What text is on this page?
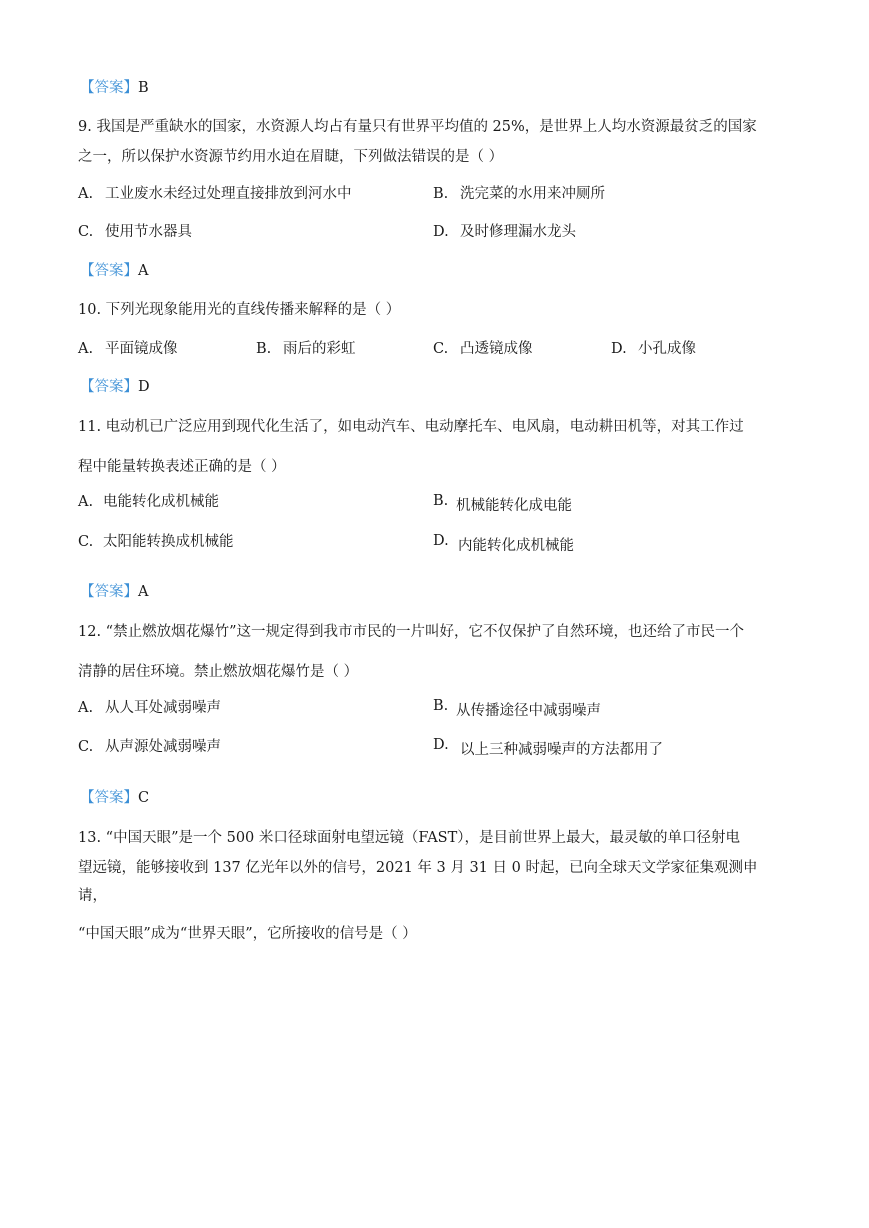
【答案】B
9. 我国是严重缺水的国家，水资源人均占有量只有世界平均值的 25%，是世界上人均水资源最贫乏的国家
之一，所以保护水资源节约用水迫在眉睫，下列做法错误的是（ ）
A. 工业废水未经过处理直接排放到河水中	B. 洗完菜的水用来冲厕所
C. 使用节水器具	D. 及时修理漏水龙头
【答案】A
10. 下列光现象能用光的直线传播来解释的是（ ）
A. 平面镜成像	B. 雨后的彩虹	C. 凸透镜成像	D. 小孔成像
【答案】D
11. 电动机已广泛应用到现代化生活了，如电动汽车、电动摩托车、电风扇，电动耕田机等，对其工作过
程中能量转换表述正确的是（ ）
A. 电能转化成机械能	B. 机械能转化成电能
C. 太阳能转换成机械能	D. 内能转化成机械能
【答案】A
12. “禁止燃放烟花爆竹”这一规定得到我市市民的一片叫好，它不仅保护了自然环境，也还给了市民一个
清静的居住环境。禁止燃放烟花爆竹是（ ）
A. 从人耳处减弱噪声	B. 从传播途径中减弱噪声
C. 从声源处减弱噪声	D. 以上三种减弱噪声的方法都用了
【答案】C
13. “中国天眼”是一个 500 米口径球面射电望远镜（FAST），是目前世界上最大，最灵敏的单口径射电
望远镜，能够接收到 137 亿光年以外的信号，2021 年 3 月 31 日 0 时起，已向全球天文学家征集观测申
请，
“中国天眼”成为“世界天眼”，它所接收的信号是（ ）
